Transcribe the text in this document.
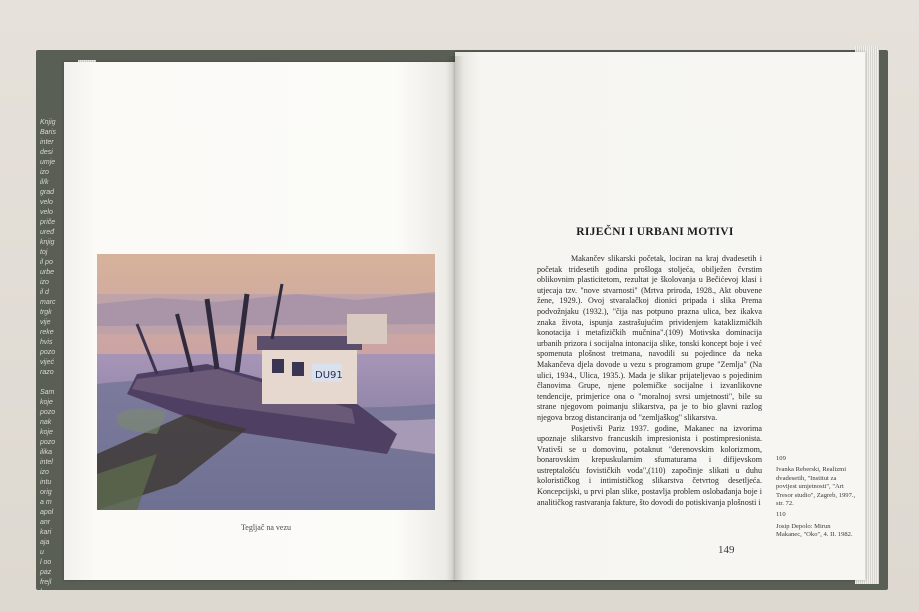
Knjig
Baris
inter
desi
umje
izo
il/k
grad
velo
velo
priče
uređ
knjig
toj
il po
urbe
izo
il d
marc
trgk
vije
reke
hvis
pozo
vijeć
razo

Sam
koje
pozo
nak
koje
pozo
ilika
intel
izo
intu
orig
a m
apol
anr
kari
aja
u
l oo
paz
frejl
lu n
DU91
Tegljač na vezu
RIJEČNI I URBANI MOTIVI

Makančev slikarski početak, lociran na kraj dvadesetih i početak tridesetih godina prošloga stoljeća, obilježen čvrstim oblikovnim plasticitetom, rezultat je školovanja u Bečićevoj klasi i utjecaja tzv. "nove stvarnosti" (Mrtva priroda, 1928., Akt obuvene žene, 1929.). Ovoj stvaralačkoj dionici pripada i slika Prema podvožnjaku (1932.), "čija nas potpuno prazna ulica, bez ikakva znaka života, ispunja zastrašujućim prividenjem kataklizmičkih konotacija i metafizičkih mučnina".(109) Motivska dominacija urbanih prizora i socijalna intonacija slike, tonski koncept boje i već spomenuta plošnost tretmana, navodili su pojedince da neka Makančeva djela dovode u vezu s programom grupe "Zemlja" (Na ulici, 1934., Ulica, 1935.). Mada je slikar prijateljevao s pojedinim članovima Grupe, njene polemičke socijalne i izvanlikovne tendencije, primjerice ona o "moralnoj svrsi umjetnosti", bile su strane njegovom poimanju slikarstva, pa je to bio glavni razlog njegova brzog distanciranja od "zemljaškog" slikarstva.

Posjetivši Pariz 1937. godine, Makanec na izvorima upoznaje slikarstvo francuskih impresionista i postimpresionista. Vrativši se u domovinu, potaknut "derenovskim kolorizmom, bonarovskim krepuskularnim sfumaturama i difijevskom ustreptalošću fovističkih voda",(110) započinje slikati u duhu kolorističkog i intimističkog slikarstva četvrtog desetljeća. Koncepcijski, u prvi plan slike, postavlja problem oslobađanja boje i analitičkog rastvaranja fakture, što dovodi do potiskivanja plošnosti i

109
Ivanka Reberski, Realizmi dvadesetih, "Institut za povijest umjetnosti", "Art Tresor studio", Zagreb, 1997., str. 72.
110
Josip Depolo: Mirun Makanec, "Oko", 4. II. 1982.
149
